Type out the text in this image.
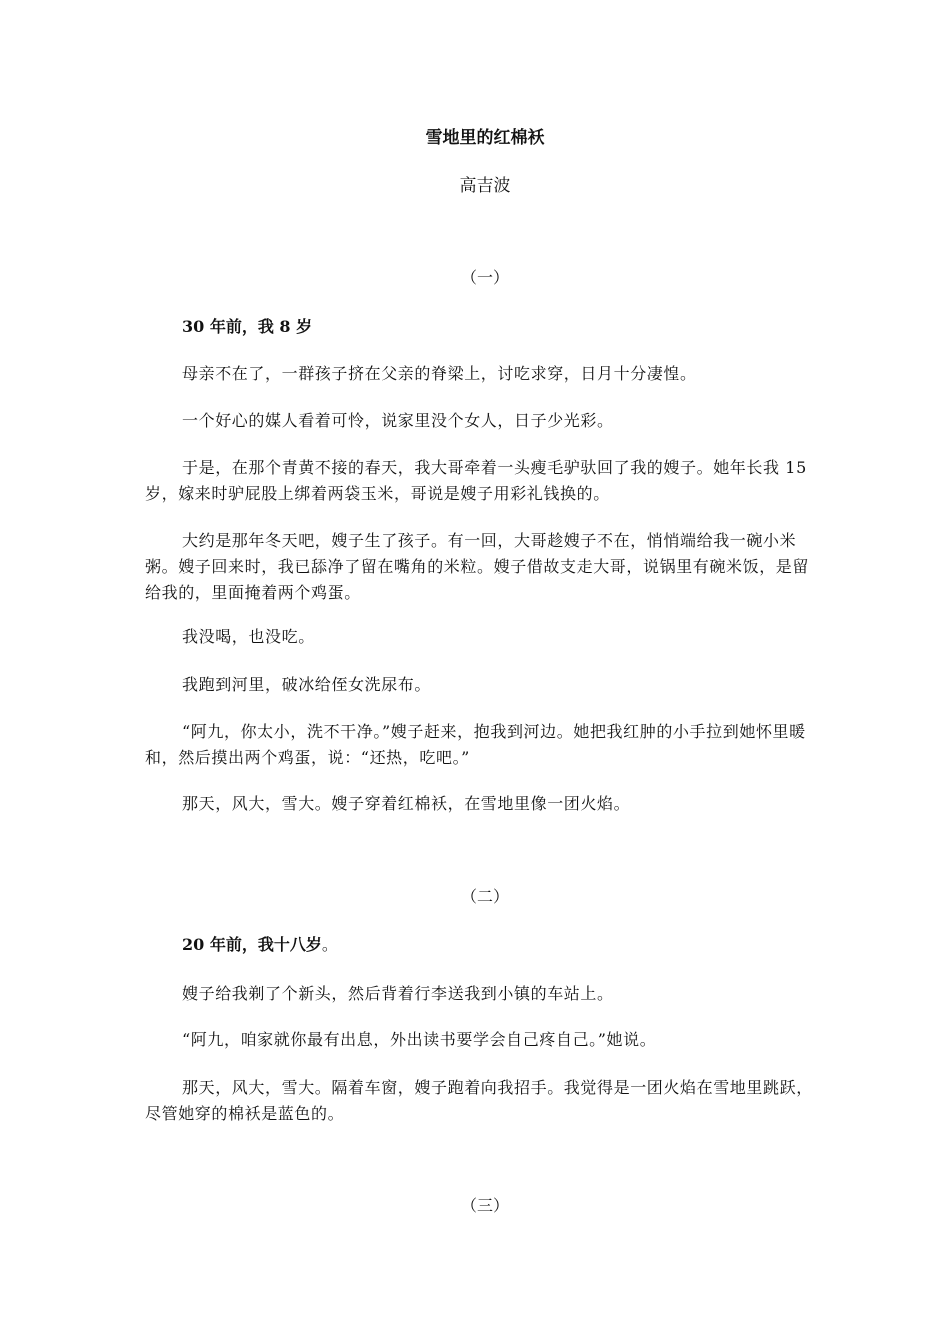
雪地里的红棉袄
高吉波
（一）
30 年前，我 8 岁

母亲不在了，一群孩子挤在父亲的脊梁上，讨吃求穿，日月十分凄惶。

一个好心的媒人看着可怜，说家里没个女人，日子少光彩。

于是，在那个青黄不接的春天，我大哥牵着一头瘦毛驴驮回了我的嫂子。她年长我 15 岁，嫁来时驴屁股上绑着两袋玉米，哥说是嫂子用彩礼钱换的。

大约是那年冬天吧，嫂子生了孩子。有一回，大哥趁嫂子不在，悄悄端给我一碗小米粥。嫂子回来时，我已舔净了留在嘴角的米粒。嫂子借故支走大哥，说锅里有碗米饭，是留给我的，里面掩着两个鸡蛋。

我没喝，也没吃。

我跑到河里，破冰给侄女洗尿布。

“阿九，你太小，洗不干净。”嫂子赶来，抱我到河边。她把我红肿的小手拉到她怀里暖和，然后摸出两个鸡蛋，说：“还热，吃吧。”

那天，风大，雪大。嫂子穿着红棉袄，在雪地里像一团火焰。

（二）
20 年前，我十八岁。

嫂子给我剃了个新头，然后背着行李送我到小镇的车站上。

“阿九，咱家就你最有出息，外出读书要学会自己疼自己。”她说。

那天，风大，雪大。隔着车窗，嫂子跑着向我招手。我觉得是一团火焰在雪地里跳跃，尽管她穿的棉袄是蓝色的。

（三）
